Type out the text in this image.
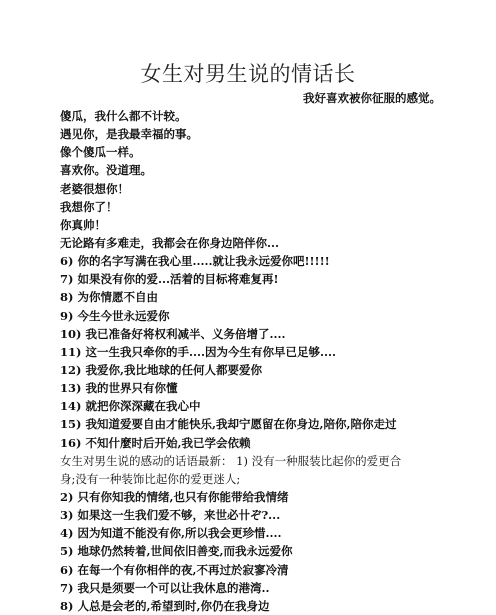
女生对男生说的情话长
我好喜欢被你征服的感觉。
傻瓜，我什么都不计较。
遇见你，是我最幸福的事。
像个傻瓜一样。
喜欢你。没道理。
老婆很想你！
我想你了！
你真帅！
无论路有多难走，我都会在你身边陪伴你...
6) 你的名字写满在我心里.....就让我永远爱你吧!!!!!
7) 如果没有你的爱...活着的目标将难复再!
8) 为你情愿不自由
9) 今生今世永远爱你
10) 我已准备好将权利减半、义务倍增了....
11) 这一生我只牵你的手....因为今生有你早已足够....
12) 我爱你,我比地球的任何人都要爱你
13) 我的世界只有你懂
14) 就把你深深藏在我心中
15) 我知道爱要自由才能快乐,我却宁愿留在你身边,陪你,陪你走过
16) 不知什麼时后开始,我已学会依赖
女生对男生说的感动的话语最新： 1) 没有一种服装比起你的爱更合
身;没有一种装饰比起你的爱更迷人;
2) 只有你知我的情绪,也只有你能带给我情绪
3) 如果这一生我们爱不够，来世必卄ぞ?...
4) 因为知道不能没有你,所以我会更珍惜....
5) 地球仍然转着,世间依旧善变,而我永远爱你
6) 在每一个有你相伴的夜,不再过於寂寥冷清
7) 我只是须要一个可以让我休息的港湾..
8) 人总是会老的,希望到时,你仍在我身边
